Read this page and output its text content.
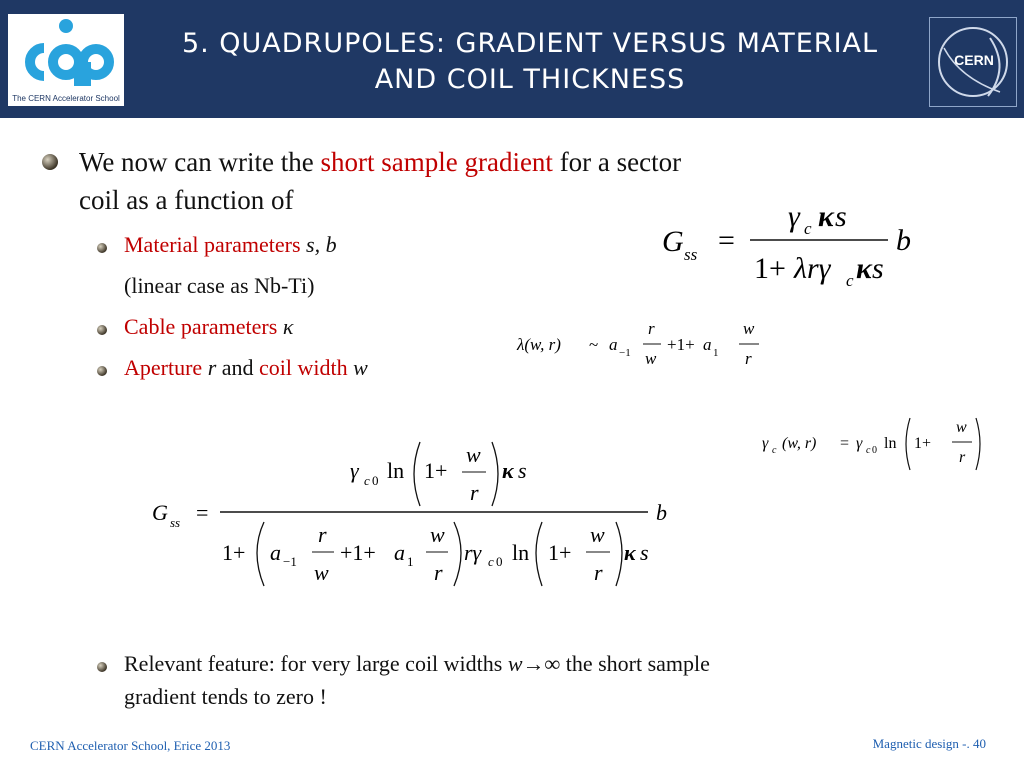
The CERN Accelerator School
5. QUADRUPOLES: GRADIENT VERSUS MATERIAL
AND COIL THICKNESS
CERN
We now can write the short sample gradient for a sector
coil as a function of
Material parameters s, b
(linear case as Nb-Ti)
Cable parameters κ
Aperture r and coil width w
G ss =
γ c κ s
1+ λrγ c κ s
b
λ(w, r) ~ a −1
r
w
+1+ a 1
w
r
γ c (w, r) = γ c 0 ln 1+
w
r
G ss =
γ c 0 ln 1+
w
r
κ s
b
1+ a −1
r
w
+1+ a 1
w
r
rγ c 0 ln 1+
w
r
κ s
Relevant feature: for very large coil widths w→∞ the short sample
gradient tends to zero !
CERN Accelerator School, Erice 2013	Magnetic design -. 40
